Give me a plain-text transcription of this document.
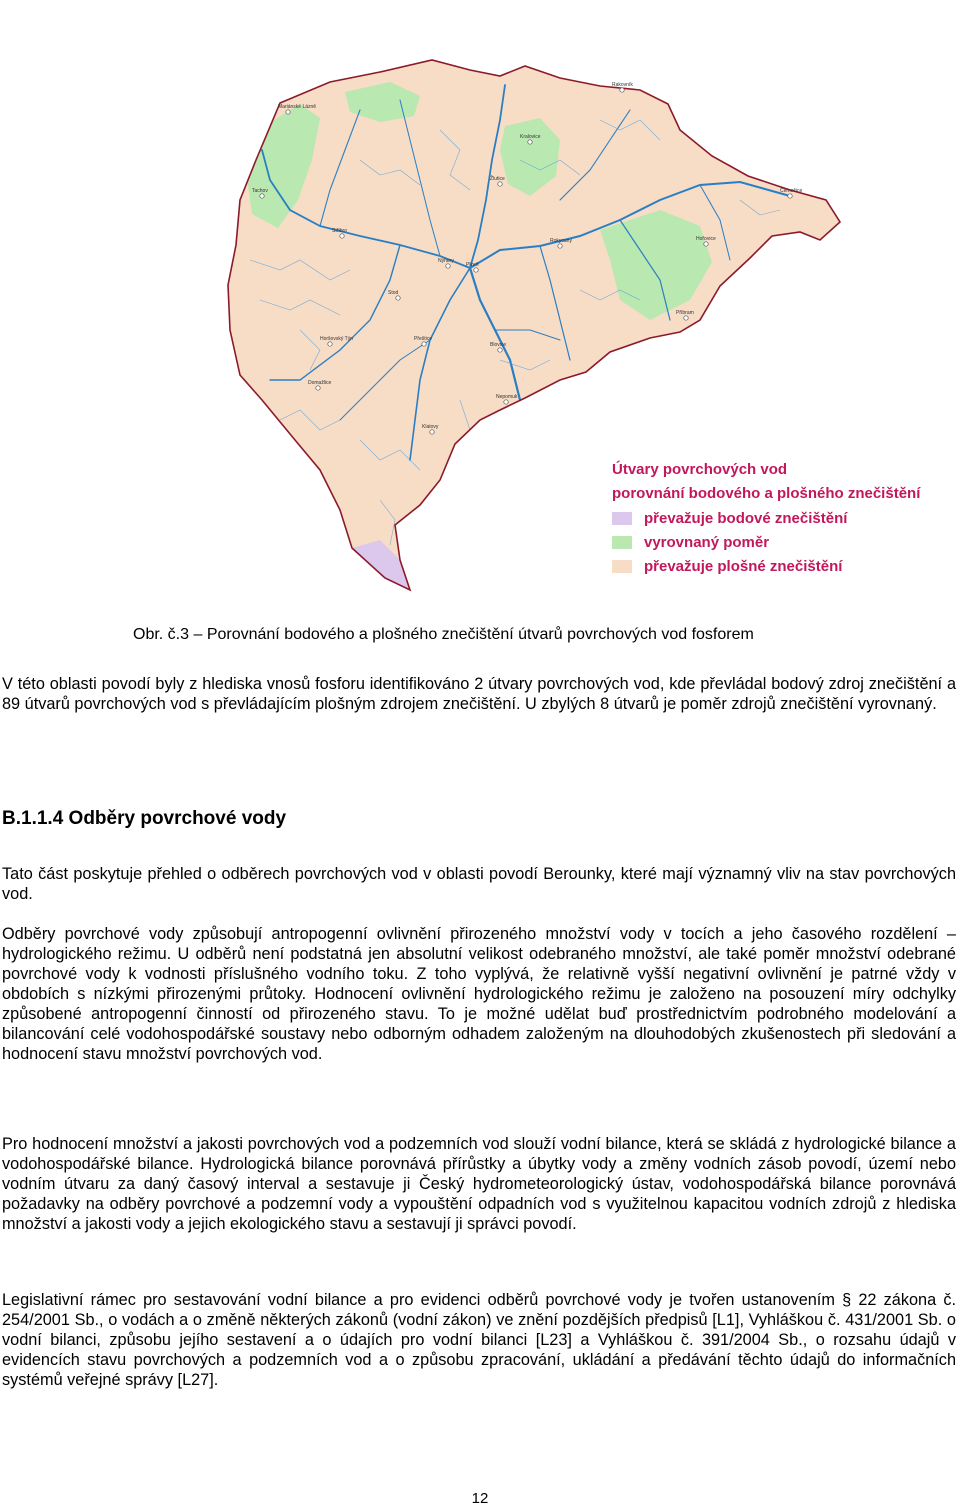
Mariánské Lázně
Rakovník
Kralovice
Žlutice
Tachov	Čemošice
Hořovice
Stříbro
Nýřany
Plzeň
Rokycany
Stod
Příbram
Horšovský Týn	Přeštice
Blovice
Domažlice
Nepomuk
Klatovy
Útvary povrchových vod
porovnání bodového a plošného znečištění
převažuje bodové znečištění
vyrovnaný poměr
převažuje plošné znečištění
Obr. č.3 – Porovnání bodového a plošného znečištění útvarů povrchových vod fosforem

V této oblasti povodí byly z hlediska vnosů fosforu identifikováno 2 útvary povrchových vod, kde převládal bodový zdroj znečištění a 89 útvarů povrchových vod s převládajícím plošným zdrojem znečištění. U zbylých 8 útvarů je poměr zdrojů znečištění vyrovnaný.

B.1.1.4 Odběry povrchové vody

Tato část poskytuje přehled o odběrech povrchových vod v oblasti povodí Berounky, které mají významný vliv na stav povrchových vod.

Odběry povrchové vody způsobují antropogenní ovlivnění přirozeného množství vody v tocích a jeho časového rozdělení – hydrologického režimu. U odběrů není podstatná jen absolutní velikost odebraného množství, ale také poměr množství odebrané povrchové vody k vodnosti příslušného vodního toku. Z toho vyplývá, že relativně vyšší negativní ovlivnění je patrné vždy v obdobích s nízkými přirozenými průtoky. Hodnocení ovlivnění hydrologického režimu je založeno na posouzení míry odchylky způsobené antropogenní činností od přirozeného stavu. To je možné udělat buď prostřednictvím podrobného modelování a bilancování celé vodohospodářské soustavy nebo odborným odhadem založeným na dlouhodobých zkušenostech při sledování a hodnocení stavu množství povrchových vod.

Pro hodnocení množství a jakosti povrchových vod a podzemních vod slouží vodní bilance, která se skládá z hydrologické bilance a vodohospodářské bilance. Hydrologická bilance porovnává přírůstky a úbytky vody a změny vodních zásob povodí, území nebo vodním útvaru za daný časový interval a sestavuje ji Český hydrometeorologický ústav, vodohospodářská bilance porovnává požadavky na odběry povrchové a podzemní vody a vypouštění odpadních vod s využitelnou kapacitou vodních zdrojů z hlediska množství a jakosti vody a jejich ekologického stavu a sestavují ji správci povodí.

Legislativní rámec pro sestavování vodní bilance a pro evidenci odběrů povrchové vody je tvořen ustanovením § 22 zákona č. 254/2001 Sb., o vodách a o změně některých zákonů (vodní zákon) ve znění pozdějších předpisů [L1], Vyhláškou č. 431/2001 Sb. o vodní bilanci, způsobu jejího sestavení a o údajích pro vodní bilanci [L23] a Vyhláškou č. 391/2004 Sb., o rozsahu údajů v evidencích stavu povrchových a podzemních vod a o způsobu zpracování, ukládání a předávání těchto údajů do informačních systémů veřejné správy [L27].

12
